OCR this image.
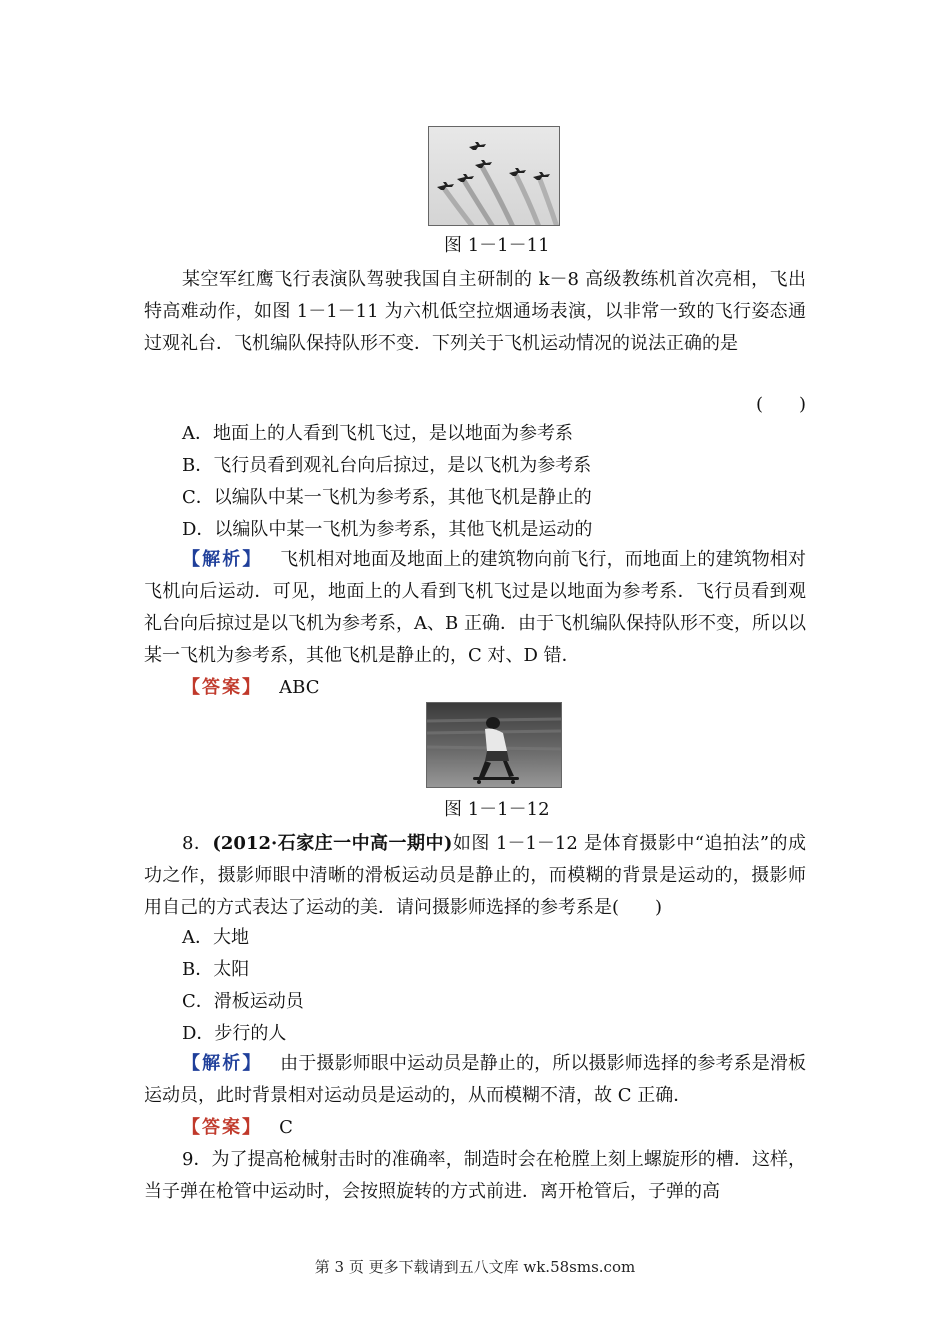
图 1－1－11

某空军红鹰飞行表演队驾驶我国自主研制的 k－8 高级教练机首次亮相，飞出特高难动作，如图 1－1－11 为六机低空拉烟通场表演，以非常一致的飞行姿态通过观礼台．飞机编队保持队形不变．下列关于飞机运动情况的说法正确的是

(　　)

A．地面上的人看到飞机飞过，是以地面为参考系

B．飞行员看到观礼台向后掠过，是以飞机为参考系

C．以编队中某一飞机为参考系，其他飞机是静止的

D．以编队中某一飞机为参考系，其他飞机是运动的

【解析】 飞机相对地面及地面上的建筑物向前飞行，而地面上的建筑物相对飞机向后运动．可见，地面上的人看到飞机飞过是以地面为参考系．飞行员看到观礼台向后掠过是以飞机为参考系，A、B 正确．由于飞机编队保持队形不变，所以以某一飞机为参考系，其他飞机是静止的，C 对、D 错．

【答案】 ABC

图 1－1－12

8．(2012·石家庄一中高一期中)如图 1－1－12 是体育摄影中“追拍法”的成功之作，摄影师眼中清晰的滑板运动员是静止的，而模糊的背景是运动的，摄影师用自己的方式表达了运动的美．请问摄影师选择的参考系是(　　)

A．大地

B．太阳

C．滑板运动员

D．步行的人

【解析】 由于摄影师眼中运动员是静止的，所以摄影师选择的参考系是滑板运动员，此时背景相对运动员是运动的，从而模糊不清，故 C 正确．

【答案】 C

9．为了提高枪械射击时的准确率，制造时会在枪膛上刻上螺旋形的槽．这样，当子弹在枪管中运动时，会按照旋转的方式前进．离开枪管后，子弹的高

第 3 页 更多下载请到五八文库 wk.58sms.com
